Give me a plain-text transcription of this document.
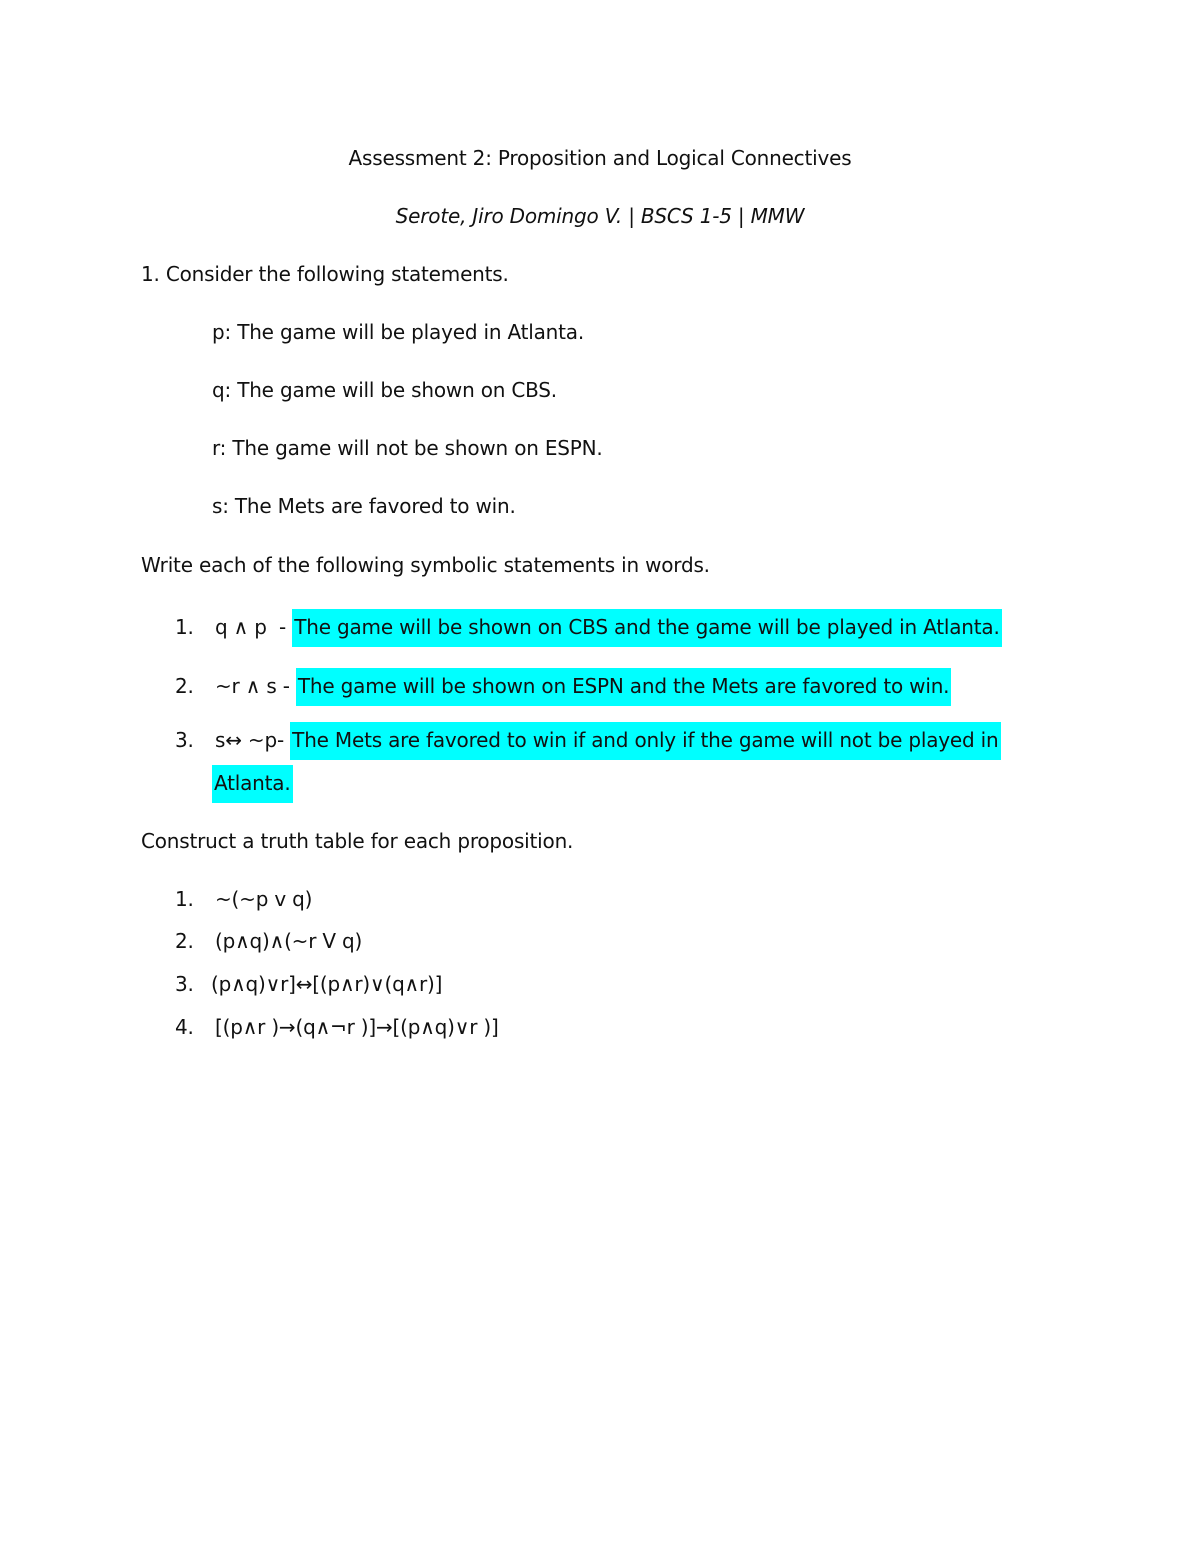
Assessment 2: Proposition and Logical Connectives
Serote, Jiro Domingo V. | BSCS 1-5 | MMW
1. Consider the following statements.
p: The game will be played in Atlanta.
q: The game will be shown on CBS.
r: The game will not be shown on ESPN.
s: The Mets are favored to win.
Write each of the following symbolic statements in words.
1. q ∧ p  - The game will be shown on CBS and the game will be played in Atlanta.
2. ~r ∧ s - The game will be shown on ESPN and the Mets are favored to win.
3. s↔ ~p- The Mets are favored to win if and only if the game will not be played in
Atlanta.
Construct a truth table for each proposition.
1. ~(~p v q)
2. (p∧q)∧(~r V q)
3. (p∧q)∨r]↔[(p∧r)∨(q∧r)]
4. [(p∧r )→(q∧¬r )]→[(p∧q)∨r )]
